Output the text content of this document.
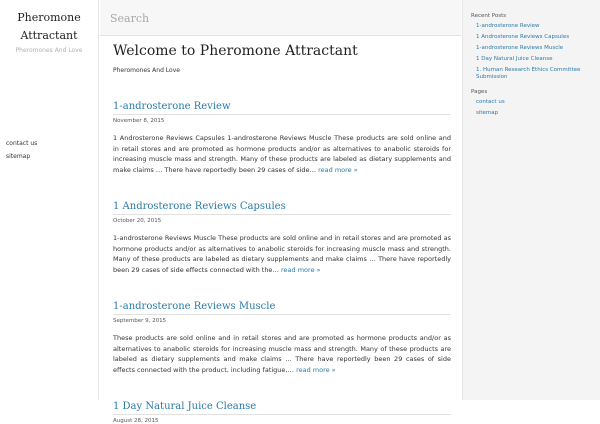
Pheromone Attractant
Pheromones And Love
contact us
sitemap
Search
Welcome to Pheromone Attractant
Pheromones And Love
1-androsterone Review
November 8, 2015

1 Androsterone Reviews Capsules 1-androsterone Reviews Muscle These products are sold online and in retail stores and are promoted as hormone products and/or as alternatives to anabolic steroids for increasing muscle mass and strength. Many of these products are labeled as dietary supplements and make claims … There have reportedly been 29 cases of side… read more »

1 Androsterone Reviews Capsules
October 20, 2015

1-androsterone Reviews Muscle These products are sold online and in retail stores and are promoted as hormone products and/or as alternatives to anabolic steroids for increasing muscle mass and strength. Many of these products are labeled as dietary supplements and make claims … There have reportedly been 29 cases of side effects connected with the… read more »

1-androsterone Reviews Muscle
September 9, 2015

These products are sold online and in retail stores and are promoted as hormone products and/or as alternatives to anabolic steroids for increasing muscle mass and strength. Many of these products are labeled as dietary supplements and make claims … There have reportedly been 29 cases of side effects connected with the product, including fatigue,… read more »

1 Day Natural Juice Cleanse
August 28, 2015
Recent Posts
1-androsterone Review
1 Androsterone Reviews Capsules
1-androsterone Reviews Muscle
1 Day Natural Juice Cleanse
1. Human Research Ethics Committee Submission
Pages
contact us
sitemap
